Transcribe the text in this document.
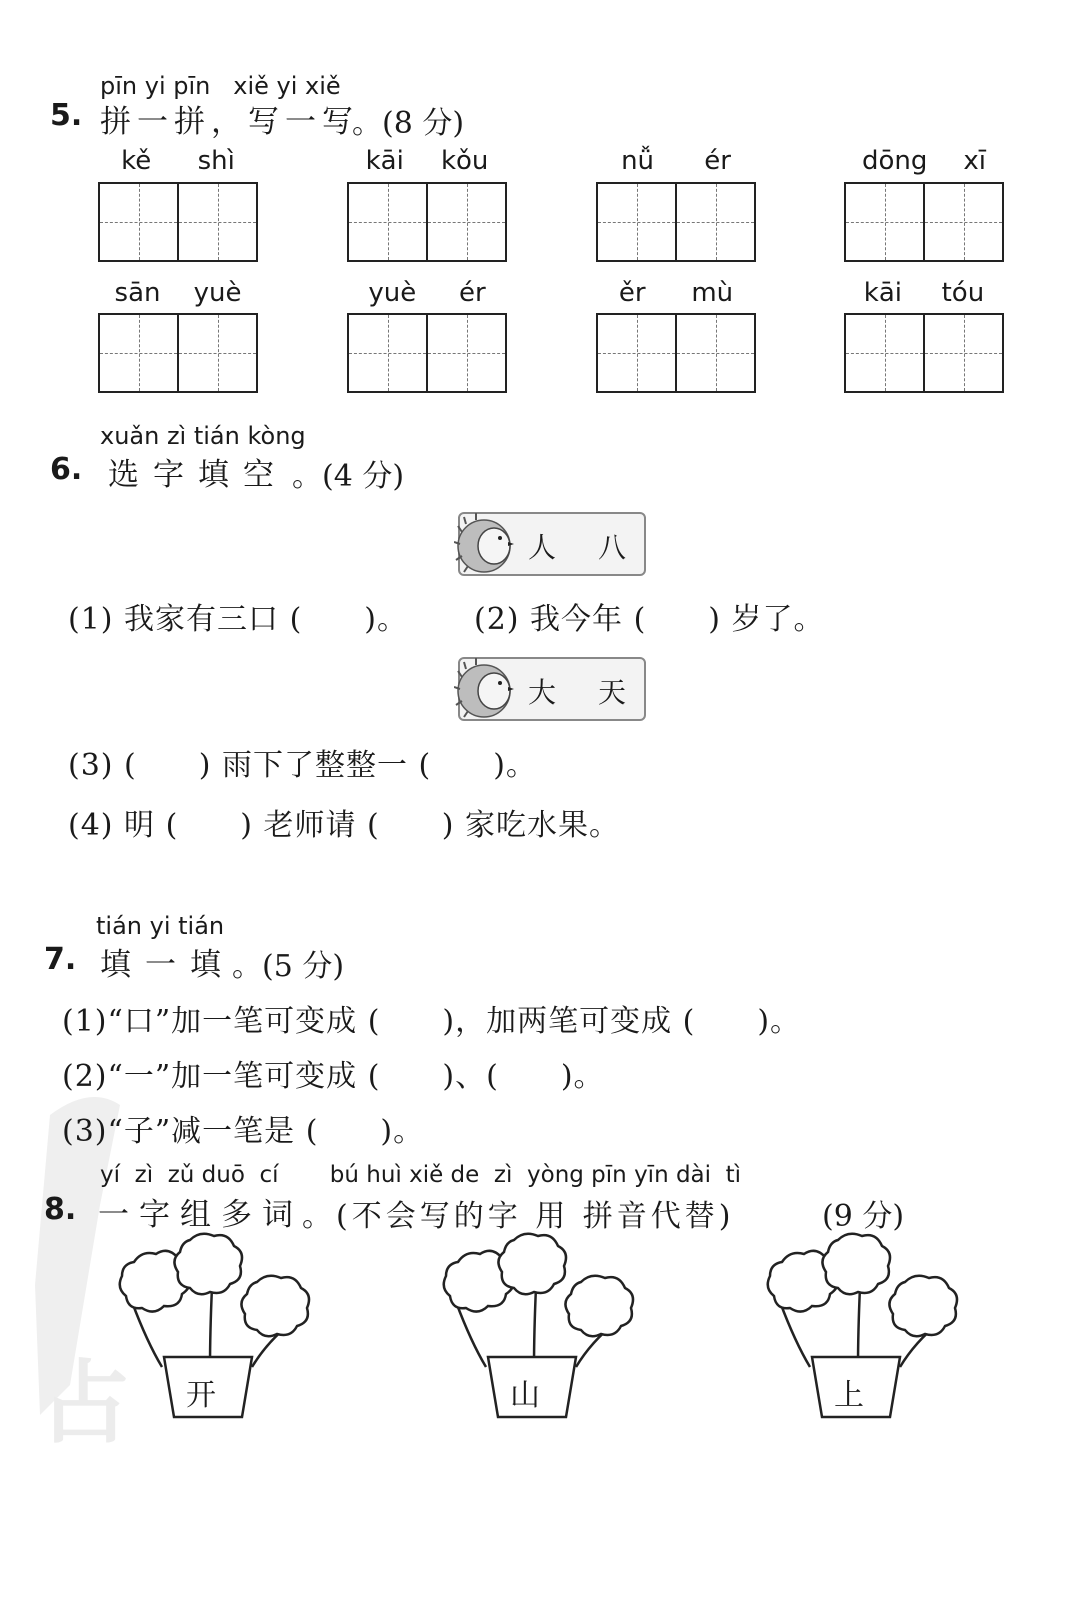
占
pīn yi pīn   xiě yi xiě
5. 拼一拼，写一写
。(8 分)
kě shì	kāi kǒu	nǚ ér	dōng xī
sān yuè	yuè ér	ěr mù	kāi tóu
xuǎn zì tián kòng
6. 选字填空 。(4 分)
人 八
(1) 我家有三口 (　　)。 (2) 我今年 (　　) 岁了。
大 天
(3) (　　) 雨下了整整一 (　　)。
(4) 明 (　　) 老师请 (　　) 家吃水果。
tián yi tián
7. 填一填
。(5 分)
(1)“口”加一笔可变成 (　　)，加两笔可变成 (　　)。
(2)“一”加一笔可变成 (　　)、(　　)。
(3)“子”减一笔是 (　　)。
yí  zì  zǔ duō  cí       bú huì xiě de  zì  yòng pīn yīn dài  tì
8. 一字组多词 。(不会写的字 用 拼音代替)	(9 分)
开	山	上
